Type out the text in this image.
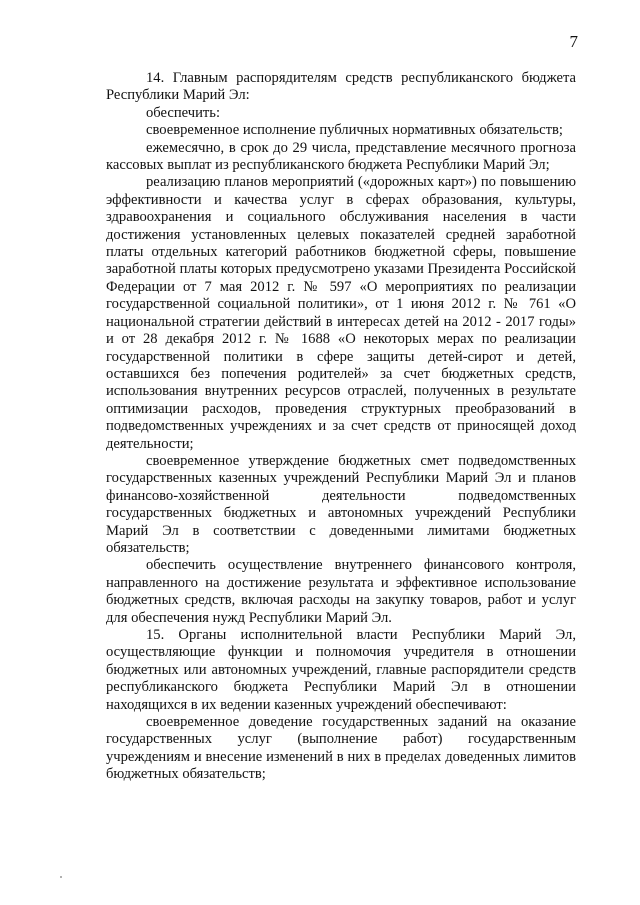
7

14. Главным распорядителям средств республиканского бюджета Республики Марий Эл:

обеспечить:

своевременное исполнение публичных нормативных обязательств;

ежемесячно, в срок до 29 числа, представление месячного прогноза кассовых выплат из республиканского бюджета Республики Марий Эл;

реализацию планов мероприятий («дорожных карт») по повышению эффективности и качества услуг в сферах образования, культуры, здравоохранения и социального обслуживания населения в части достижения установленных целевых показателей средней заработной платы отдельных категорий работников бюджетной сферы, повышение заработной платы которых предусмотрено указами Президента Российской Федерации от 7 мая 2012 г. № 597 «О мероприятиях по реализации государственной социальной политики», от 1 июня 2012 г. № 761 «О национальной стратегии действий в интересах детей на 2012 - 2017 годы» и от 28 декабря 2012 г. № 1688 «О некоторых мерах по реализации государственной политики в сфере защиты детей-сирот и детей, оставшихся без попечения родителей» за счет бюджетных средств, использования внутренних ресурсов отраслей, полученных в результате оптимизации расходов, проведения структурных преобразований в подведомственных учреждениях и за счет средств от приносящей доход деятельности;

своевременное утверждение бюджетных смет подведомственных государственных казенных учреждений Республики Марий Эл и планов финансово-хозяйственной деятельности подведомственных государственных бюджетных и автономных учреждений Республики Марий Эл в соответствии с доведенными лимитами бюджетных обязательств;

обеспечить осуществление внутреннего финансового контроля, направленного на достижение результата и эффективное использование бюджетных средств, включая расходы на закупку товаров, работ и услуг для обеспечения нужд Республики Марий Эл.

15. Органы исполнительной власти Республики Марий Эл, осуществляющие функции и полномочия учредителя в отношении бюджетных или автономных учреждений, главные распорядители средств республиканского бюджета Республики Марий Эл в отношении находящихся в их ведении казенных учреждений обеспечивают:

своевременное доведение государственных заданий на оказание государственных услуг (выполнение работ) государственным учреждениям и внесение изменений в них в пределах доведенных лимитов бюджетных обязательств;
